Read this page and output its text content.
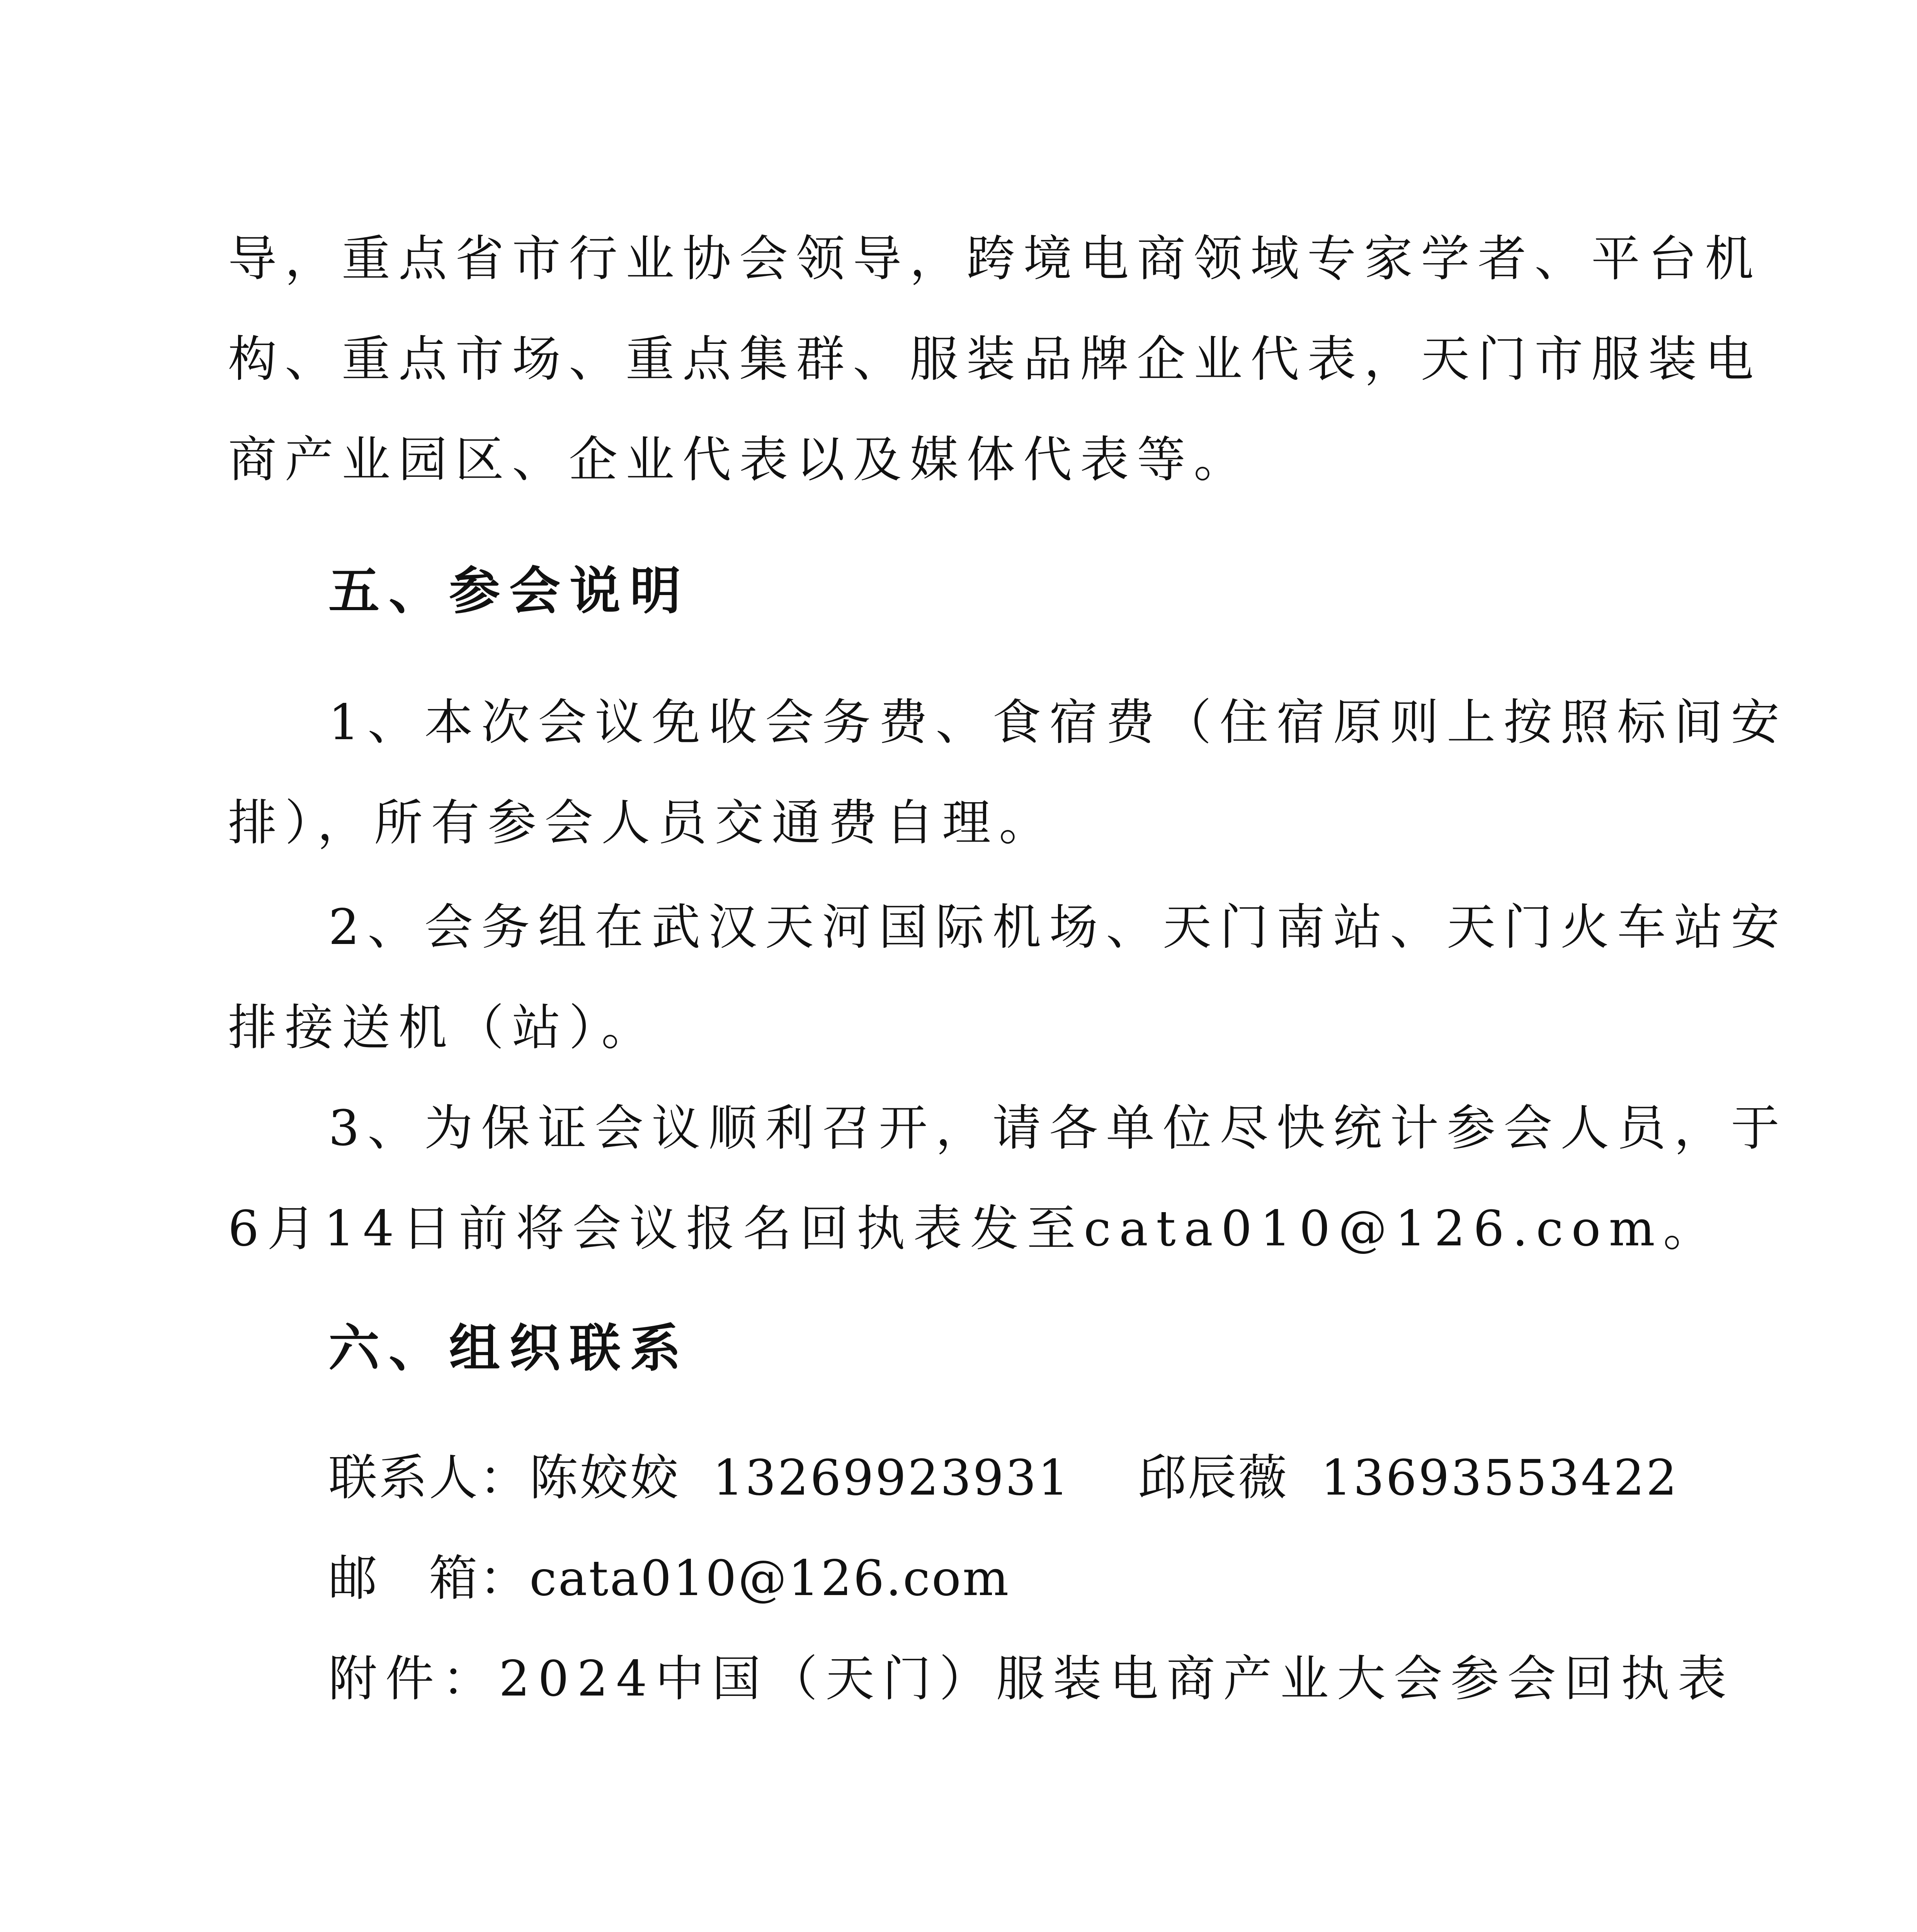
导，重点省市行业协会领导，跨境电商领域专家学者、平台机

构、重点市场、重点集群、服装品牌企业代表，天门市服装电

商产业园区、企业代表以及媒体代表等。

五、参会说明

1、本次会议免收会务费、食宿费（住宿原则上按照标间安

排），所有参会人员交通费自理。

2、会务组在武汉天河国际机场、天门南站、天门火车站安

排接送机（站）。

3、为保证会议顺利召开，请各单位尽快统计参会人员，于

6月14日前将会议报名回执表发至cata010@126.com。

六、组织联系
联系人：陈姣姣 13269923931 邱辰薇 13693553422
邮　箱：cata010@126.com

附件：2024中国（天门）服装电商产业大会参会回执表
